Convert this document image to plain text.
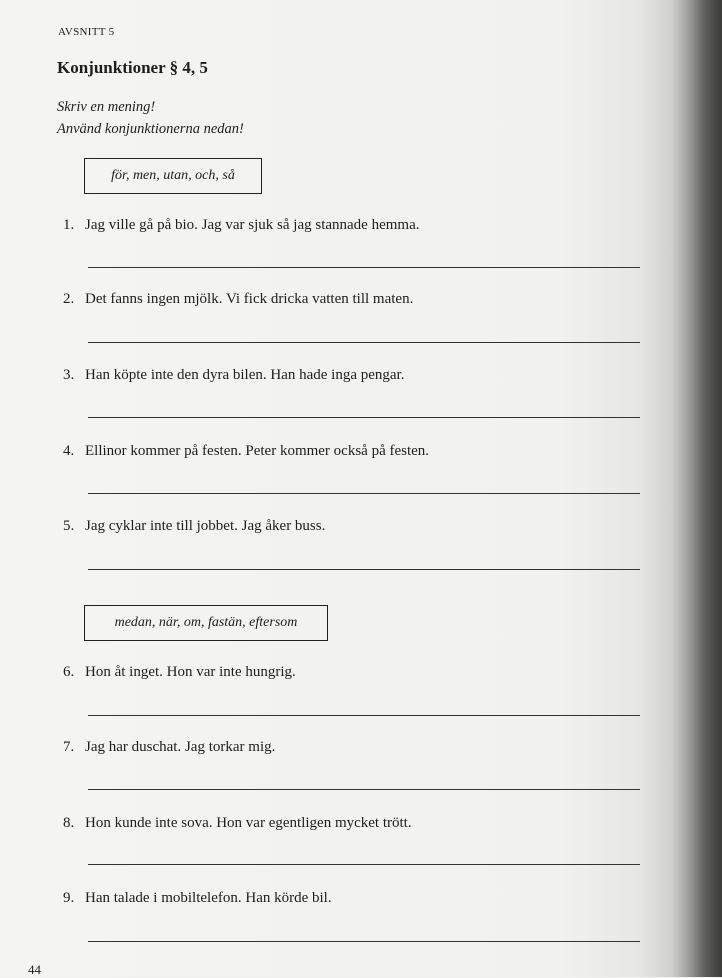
AVSNITT 5
Konjunktioner § 4, 5
Skriv en mening!
Använd konjunktionerna nedan!
för, men, utan, och, så
1. Jag ville gå på bio. Jag var sjuk så jag stannade hemma.
2. Det fanns ingen mjölk. Vi fick dricka vatten till maten.
3. Han köpte inte den dyra bilen. Han hade inga pengar.
4. Ellinor kommer på festen. Peter kommer också på festen.
5. Jag cyklar inte till jobbet. Jag åker buss.
medan, när, om, fastän, eftersom
6. Hon åt inget. Hon var inte hungrig.
7. Jag har duschat. Jag torkar mig.
8. Hon kunde inte sova. Hon var egentligen mycket trött.
9. Han talade i mobiltelefon. Han körde bil.
44
